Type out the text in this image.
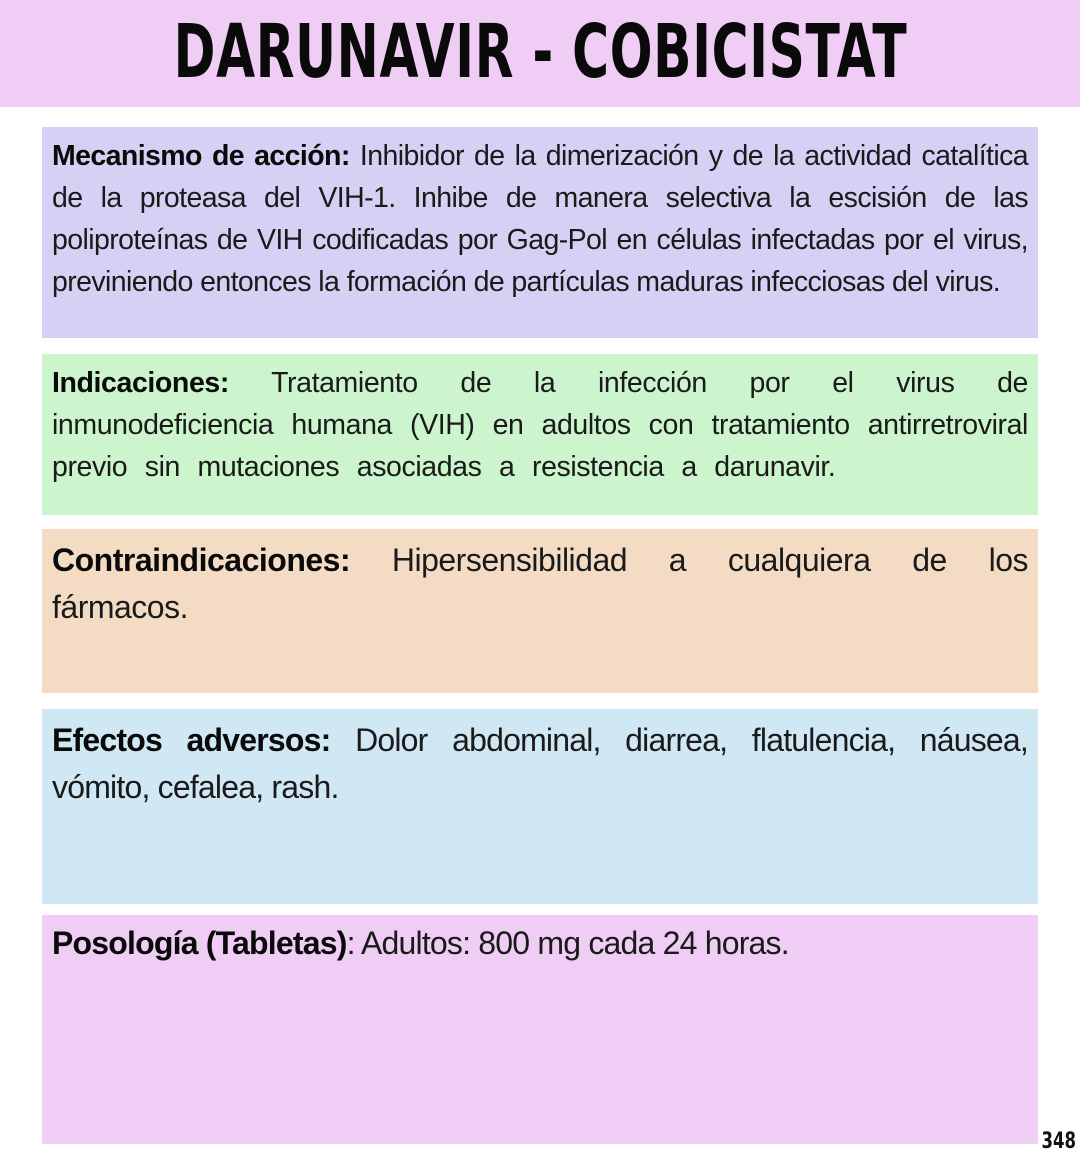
DARUNAVIR - COBICISTAT

Mecanismo de acción: Inhibidor de la dimerización y de la actividad catalítica de la proteasa del VIH-1. Inhibe de manera selectiva la escisión de las poliproteínas de VIH codificadas por Gag-Pol en células infectadas por el virus, previniendo entonces la formación de partículas maduras infecciosas del virus.

Indicaciones: Tratamiento de la infección por el virus de inmunodeficiencia humana (VIH) en adultos con tratamiento antirretroviral previo sin mutaciones asociadas a resistencia a darunavir.

Contraindicaciones: Hipersensibilidad a cualquiera de los fármacos.

Efectos adversos: Dolor abdominal, diarrea, flatulencia, náusea, vómito, cefalea, rash.

Posología (Tabletas): Adultos: 800 mg cada 24 horas.

348
